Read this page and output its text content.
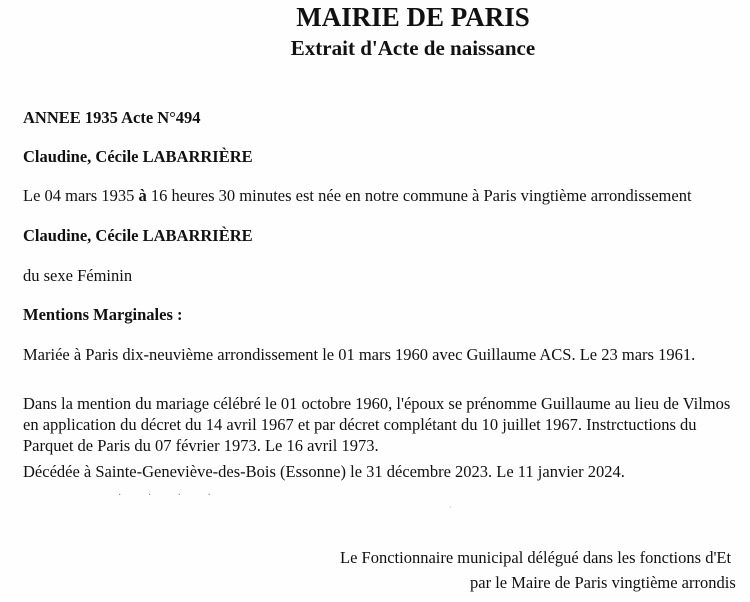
MAIRIE DE PARIS
Extrait d'Acte de naissance
ANNEE 1935 Acte N°494
Claudine, Cécile LABARRIÈRE
Le 04 mars 1935 à 16 heures 30 minutes est née en notre commune à Paris vingtième arrondissement
Claudine, Cécile LABARRIÈRE
du sexe Féminin
Mentions Marginales :
Mariée à Paris dix-neuvième arrondissement le 01 mars 1960 avec Guillaume ACS. Le 23 mars 1961.
Dans la mention du mariage célébré le 01 octobre 1960, l'époux se prénomme Guillaume au lieu de Vilmos en application du décret du 14 avril 1967 et par décret complétant du 10 juillet 1967. Instrctuctions du Parquet de Paris du 07 février 1973. Le 16 avril 1973.
Décédée à Sainte-Geneviève-des-Bois (Essonne) le 31 décembre 2023. Le 11 janvier 2024.
· · · ·
·
Le Fonctionnaire municipal délégué dans les fonctions d'Et
par le Maire de Paris vingtième arrondis
